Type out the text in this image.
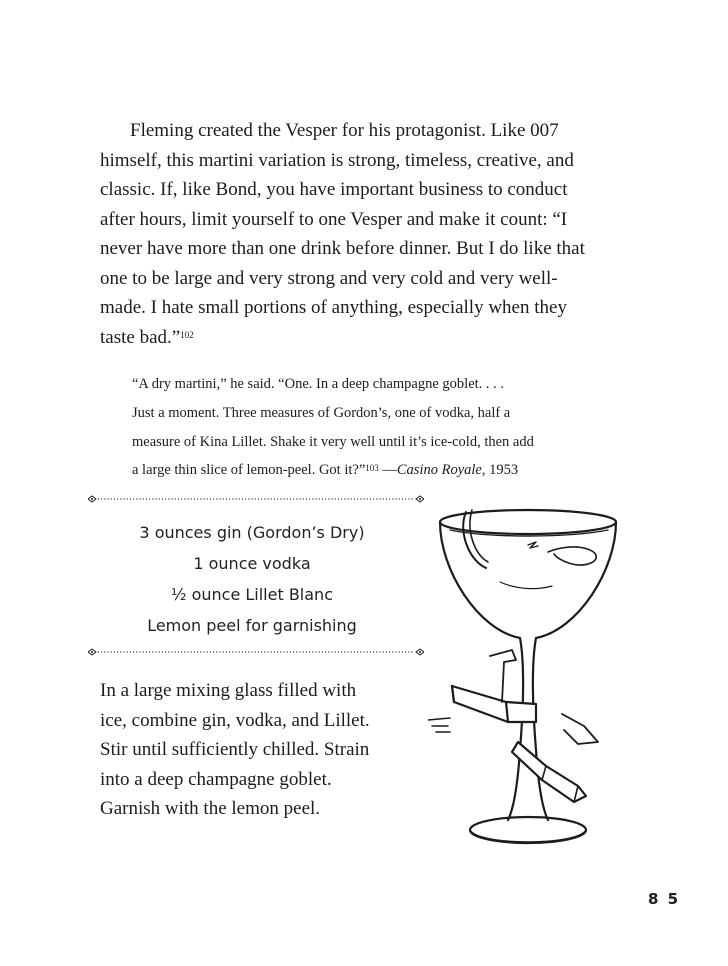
Fleming created the Vesper for his protagonist. Like 007
himself, this martini variation is strong, timeless, creative, and
classic. If, like Bond, you have important business to conduct
after hours, limit yourself to one Vesper and make it count: “I
never have more than one drink before dinner. But I do like that
one to be large and very strong and very cold and very well-
made. I hate small portions of anything, especially when they
taste bad.”$^{102}$

“A dry martini,” he said. “One. In a deep champagne goblet. . . .
Just a moment. Three measures of Gordon’s, one of vodka, half a
measure of Kina Lillet. Shake it very well until it’s ice-cold, then add
a large thin slice of lemon-peel. Got it?”$^{103}$ —Casino Royale, 1953
3 ounces gin (Gordon’s Dry)
1 ounce vodka
½ ounce Lillet Blanc
Lemon peel for garnishing

In a large mixing glass filled with
ice, combine gin, vodka, and Lillet.
Stir until sufficiently chilled. Strain
into a deep champagne goblet.
Garnish with the lemon peel.

8 5
